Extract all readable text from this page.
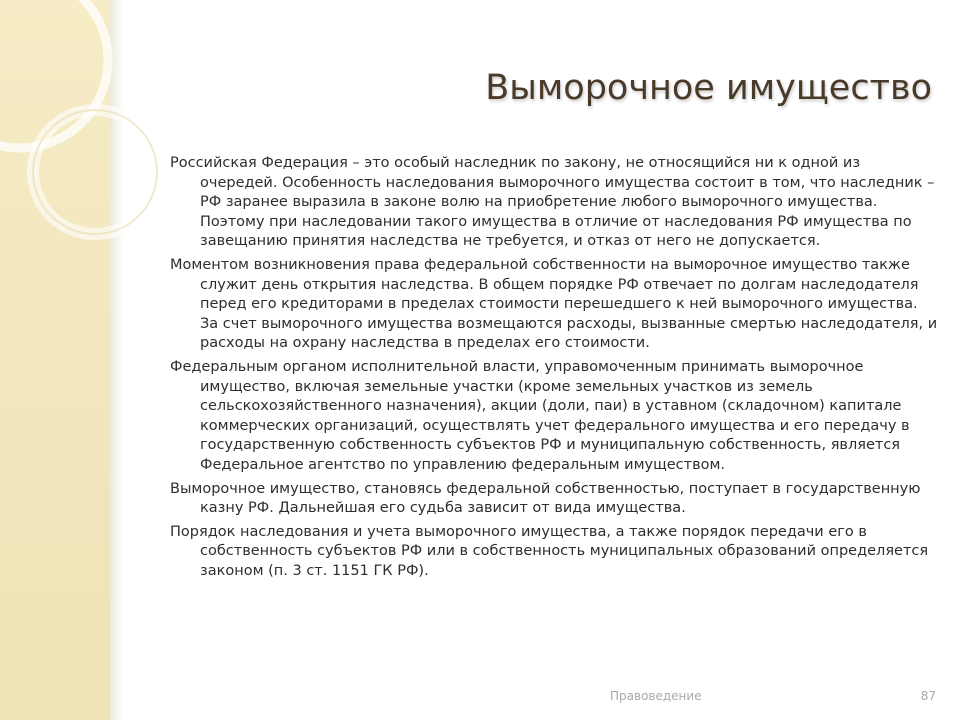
Выморочное имущество

Российская Федерация – это особый наследник по закону, не относящийся ни к одной из очередей. Особенность наследования выморочного имущества состоит в том, что наследник – РФ заранее выразила в законе волю на приобретение любого выморочного имущества. Поэтому при наследовании такого имущества в отличие от наследования РФ имущества по завещанию принятия наследства не требуется, и отказ от него не допускается.

Моментом возникновения права федеральной собственности на выморочное имущество также служит день открытия наследства. В общем порядке РФ отвечает по долгам наследодателя перед его кредиторами в пределах стоимости перешедшего к ней выморочного имущества. За счет выморочного имущества возмещаются расходы, вызванные смертью наследодателя, и расходы на охрану наследства в пределах его стоимости.

Федеральным органом исполнительной власти, управомоченным принимать выморочное имущество, включая земельные участки (кроме земельных участков из земель сельскохозяйственного назначения), акции (доли, паи) в уставном (складочном) капитале коммерческих организаций, осуществлять учет федерального имущества и его передачу в государственную собственность субъектов РФ и муниципальную собственность, является Федеральное агентство по управлению федеральным имуществом.

Выморочное имущество, становясь федеральной собственностью, поступает в государственную казну РФ. Дальнейшая его судьба зависит от вида имущества.

Порядок наследования и учета выморочного имущества, а также порядок передачи его в собственность субъектов РФ или в собственность муниципальных образований определяется законом (п. 3 ст. 1151 ГК РФ).

Правоведение	87
